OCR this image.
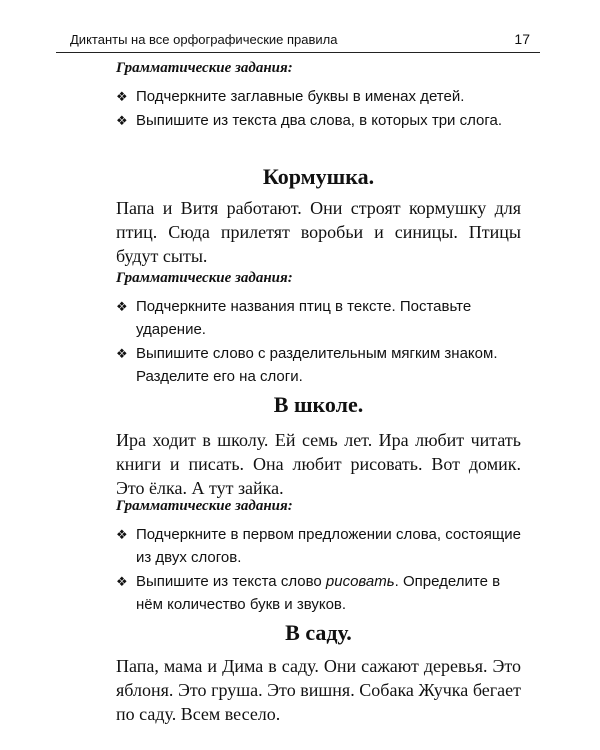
Диктанты на все орфографические правила	17

Грамматические задания:

❖ Подчеркните заглавные буквы в именах детей.
❖ Выпишите из текста два слова, в которых три слога.
Кормушка.

Папа и Витя работают. Они строят кормушку для птиц. Сюда прилетят воробьи и синицы. Птицы будут сыты.

Грамматические задания:

❖ Подчеркните названия птиц в тексте. Поставьте ударение.
❖ Выпишите слово с разделительным мягким знаком. Разделите его на слоги.
В школе.

Ира ходит в школу. Ей семь лет. Ира любит читать книги и писать. Она любит рисовать. Вот домик. Это ёлка. А тут зайка.

Грамматические задания:

❖ Подчеркните в первом предложении слова, состоящие из двух слогов.
❖ Выпишите из текста слово рисовать. Определите в нём количество букв и звуков.
В саду.

Папа, мама и Дима в саду. Они сажают деревья. Это яблоня. Это груша. Это вишня. Собака Жучка бегает по саду. Всем весело.
